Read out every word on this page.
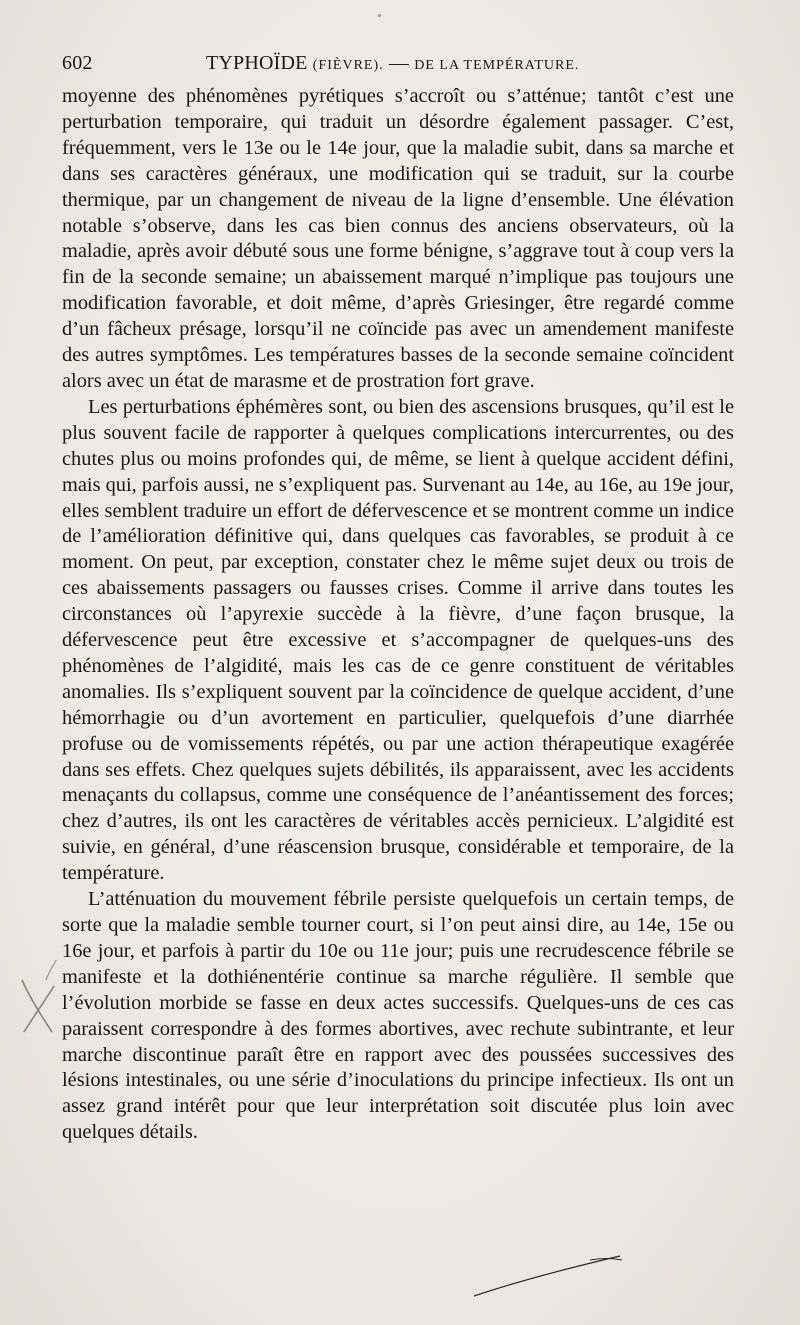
602	TYPHOÏDE (FIÈVRE). — DE LA TEMPÉRATURE.

moyenne des phénomènes pyrétiques s’accroît ou s’atténue; tantôt c’est une perturbation temporaire, qui traduit un désordre également passager. C’est, fréquemment, vers le 13e ou le 14e jour, que la maladie subit, dans sa marche et dans ses caractères généraux, une modification qui se traduit, sur la courbe thermique, par un changement de niveau de la ligne d’ensemble. Une élévation notable s’observe, dans les cas bien connus des anciens observateurs, où la maladie, après avoir débuté sous une forme bénigne, s’aggrave tout à coup vers la fin de la seconde semaine; un abaissement marqué n’implique pas toujours une modification favorable, et doit même, d’après Griesinger, être regardé comme d’un fâcheux présage, lorsqu’il ne coïncide pas avec un amendement manifeste des autres symptômes. Les températures basses de la seconde semaine coïncident alors avec un état de marasme et de prostration fort grave.

Les perturbations éphémères sont, ou bien des ascensions brusques, qu’il est le plus souvent facile de rapporter à quelques complications intercurrentes, ou des chutes plus ou moins profondes qui, de même, se lient à quelque accident défini, mais qui, parfois aussi, ne s’expliquent pas. Survenant au 14e, au 16e, au 19e jour, elles semblent traduire un effort de défervescence et se montrent comme un indice de l’amélioration définitive qui, dans quelques cas favorables, se produit à ce moment. On peut, par exception, constater chez le même sujet deux ou trois de ces abaissements passagers ou fausses crises. Comme il arrive dans toutes les circonstances où l’apyrexie succède à la fièvre, d’une façon brusque, la défervescence peut être excessive et s’accompagner de quelques-uns des phénomènes de l’algidité, mais les cas de ce genre constituent de véritables anomalies. Ils s’expliquent souvent par la coïncidence de quelque accident, d’une hémorrhagie ou d’un avortement en particulier, quelquefois d’une diarrhée profuse ou de vomissements répétés, ou par une action thérapeutique exagérée dans ses effets. Chez quelques sujets débilités, ils apparaissent, avec les accidents menaçants du collapsus, comme une conséquence de l’anéantissement des forces; chez d’autres, ils ont les caractères de véritables accès pernicieux. L’algidité est suivie, en général, d’une réascension brusque, considérable et temporaire, de la température.

L’atténuation du mouvement fébrile persiste quelquefois un certain temps, de sorte que la maladie semble tourner court, si l’on peut ainsi dire, au 14e, 15e ou 16e jour, et parfois à partir du 10e ou 11e jour; puis une recrudescence fébrile se manifeste et la dothiénentérie continue sa marche régulière. Il semble que l’évolution morbide se fasse en deux actes successifs. Quelques-uns de ces cas paraissent correspondre à des formes abortives, avec rechute subintrante, et leur marche discontinue paraît être en rapport avec des poussées successives des lésions intestinales, ou une série d’inoculations du principe infectieux. Ils ont un assez grand intérêt pour que leur interprétation soit discutée plus loin avec quelques détails.
